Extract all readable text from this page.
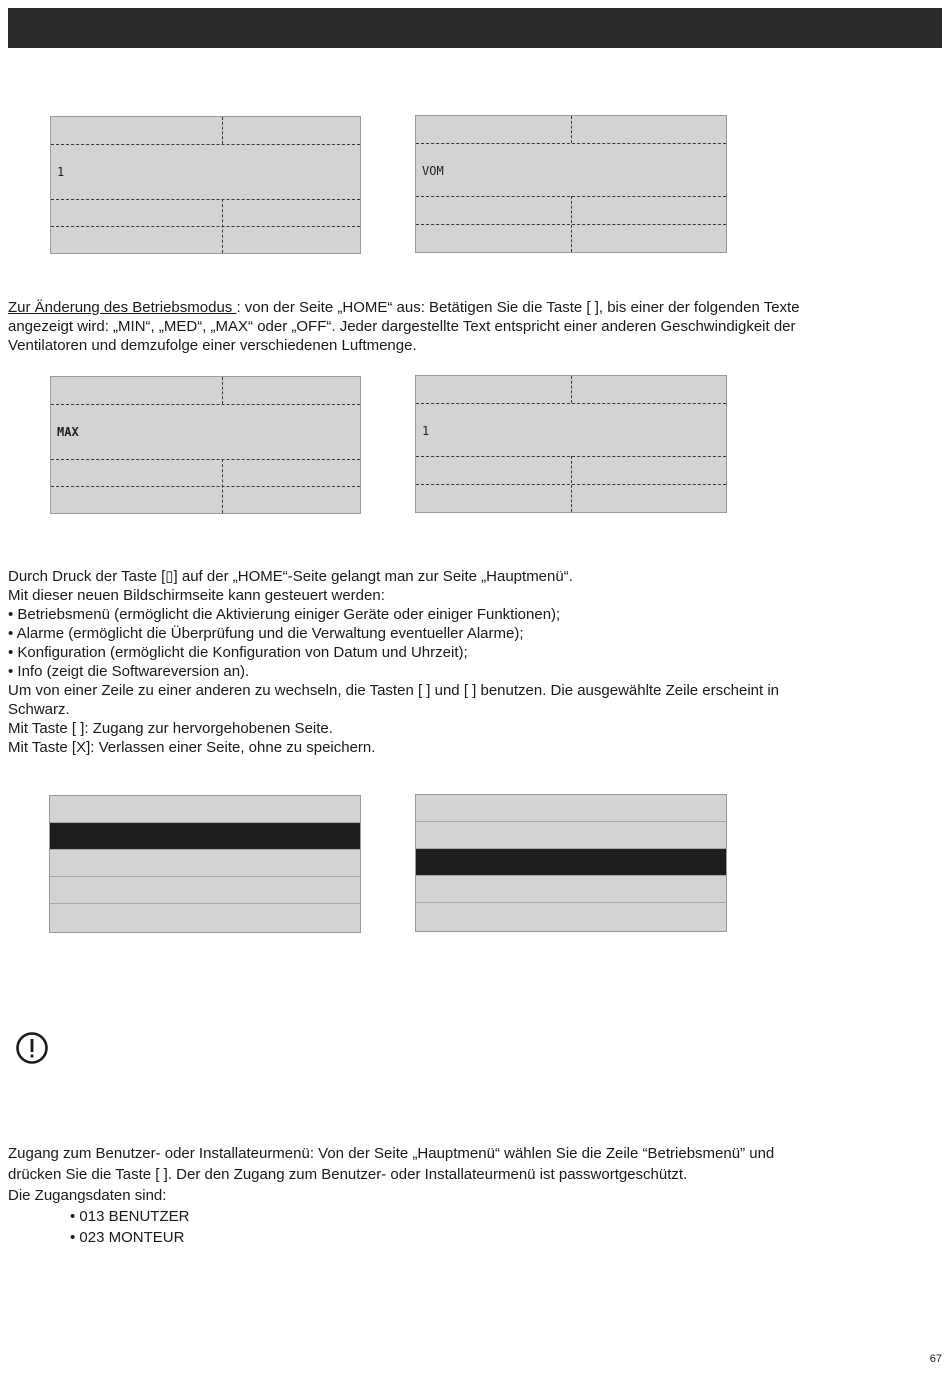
1	VOM
Zur Änderung des Betriebsmodus : von der Seite „HOME“ aus: Betätigen Sie die Taste [ ], bis einer der folgenden Texte
angezeigt wird: „MIN“, „MED“, „MAX“ oder „OFF“. Jeder dargestellte Text entspricht einer anderen Geschwindigkeit der
Ventilatoren und demzufolge einer verschiedenen Luftmenge.
MAX	1
Durch Druck der Taste [▯] auf der „HOME“-Seite gelangt man zur Seite „Hauptmenü“.
Mit dieser neuen Bildschirmseite kann gesteuert werden:
• Betriebsmenü (ermöglicht die Aktivierung einiger Geräte oder einiger Funktionen);
• Alarme (ermöglicht die Überprüfung und die Verwaltung eventueller Alarme);
• Konfiguration (ermöglicht die Konfiguration von Datum und Uhrzeit);
• Info (zeigt die Softwareversion an).
Um von einer Zeile zu einer anderen zu wechseln, die Tasten [ ] und [ ] benutzen. Die ausgewählte Zeile erscheint in
Schwarz.
Mit Taste [ ]: Zugang zur hervorgehobenen Seite.
Mit Taste [X]: Verlassen einer Seite, ohne zu speichern.
Zugang zum Benutzer- oder Installateurmenü: Von der Seite „Hauptmenü“ wählen Sie die Zeile “Betriebsmenü” und
drücken Sie die Taste [ ]. Der den Zugang zum Benutzer- oder Installateurmenü ist passwortgeschützt.
Die Zugangsdaten sind:
• 013 BENUTZER
• 023 MONTEUR
67
